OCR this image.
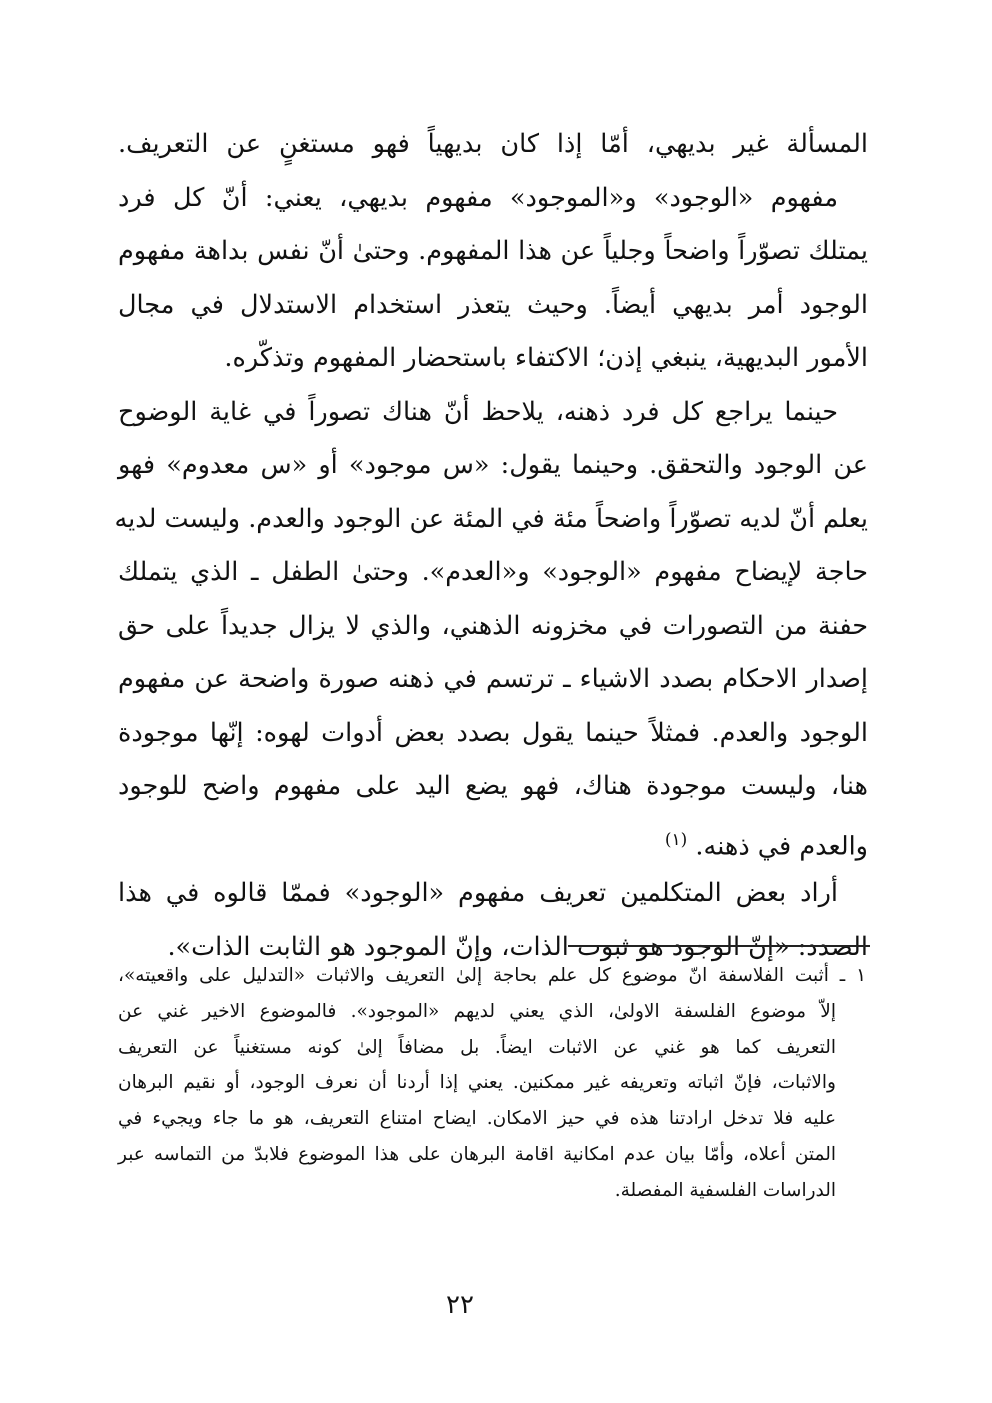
المسألة غير بديهي، أمّا إذا كان بديهياً فهو مستغنٍ عن التعريف.
مفهوم «الوجود» و«الموجود» مفهوم بديهي، يعني: أنّ كل فرد
يمتلك تصوّراً واضحاً وجلياً عن هذا المفهوم. وحتىٰ أنّ نفس بداهة مفهوم
الوجود أمر بديهي أيضاً. وحيث يتعذر استخدام الاستدلال في مجال
الأمور البديهية، ينبغي إذن؛ الاكتفاء باستحضار المفهوم وتذكّره.
حينما يراجع كل فرد ذهنه، يلاحظ أنّ هناك تصوراً في غاية الوضوح
عن الوجود والتحقق. وحينما يقول: «س موجود» أو «س معدوم» فهو
يعلم أنّ لديه تصوّراً واضحاً مئة في المئة عن الوجود والعدم. وليست لديه
حاجة لإيضاح مفهوم «الوجود» و«العدم». وحتىٰ الطفل ـ الذي يتملك
حفنة من التصورات في مخزونه الذهني، والذي لا يزال جديداً على حق
إصدار الاحكام بصدد الاشياء ـ ترتسم في ذهنه صورة واضحة عن مفهوم
الوجود والعدم. فمثلاً حينما يقول بصدد بعض أدوات لهوه: إنّها موجودة
هنا، وليست موجودة هناك، فهو يضع اليد على مفهوم واضح للوجود
والعدم في ذهنه. $^{(١)}$
أراد بعض المتكلمين تعريف مفهوم «الوجود» فممّا قالوه في هذا
الصدد: «إنّ الوجود هو ثبوت الذات، وإنّ الموجود هو الثابت الذات».
١ ـ أثبت الفلاسفة انّ موضوع كل علم بحاجة إلىٰ التعريف والاثبات «التدليل على واقعيته»،
إلاّ موضوع الفلسفة الاولىٰ، الذي يعني لديهم «الموجود». فالموضوع الاخير غني عن
التعريف كما هو غني عن الاثبات ايضاً. بل مضافاً إلىٰ كونه مستغنياً عن التعريف
والاثبات، فإنّ اثباته وتعريفه غير ممكنين. يعني إذا أردنا أن نعرف الوجود، أو نقيم البرهان
عليه فلا تدخل ارادتنا هذه في حيز الامكان. ايضاح امتناع التعريف، هو ما جاء ويجيء في
المتن أعلاه، وأمّا بيان عدم امكانية اقامة البرهان على هذا الموضوع فلابدّ من التماسه عبر
الدراسات الفلسفية المفصلة.
٢٢
